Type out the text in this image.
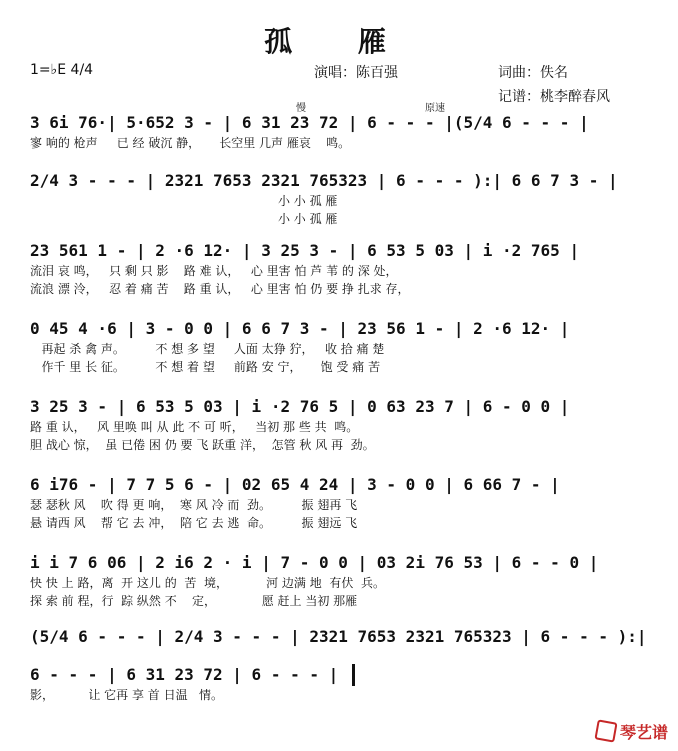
孤 雁
1=♭E 4/4	演唱：陈百强	词曲：佚名
记谱：桃李醉春风
慢	原速
3 6i 76·| 5·652 3 - | 6 31 23 72 | 6 - - - |(5/4 6 - - - |
寥 响的 枪声     已 经 破沉 静，     长空里 几声 雁哀    鸣。
2/4 3 - - - | 2321 7653 2321 765323 | 6 - - - ):| 6 6 7 3 - |
小 小 孤 雁
小 小 孤 雁
23 561 1 - | 2 ·6 12· | 3 25 3 - | 6 53 5 03 | i ·2 765 |
流泪 哀 鸣，   只 剩 只 影    路 难 认，   心 里害 怕 芦 苇 的 深 处，
流浪 漂 泠，   忍 着 痛 苦    路 重 认，   心 里害 怕 仍 要 挣 扎求 存，
0 45 4 ·6 | 3 - 0 0 | 6 6 7 3 - | 23 56 1 - | 2 ·6 12· |
再起 杀 禽 声。        不 想 多 望     人面 太狰 狞，   收 拾 痛 楚
作千 里 长 征。        不 想 着 望     前路 安 宁，     饱 受 痛 苦
3 25 3 - | 6 53 5 03 | i ·2 76 5 | 0 63 23 7 | 6 - 0 0 |
路 重 认，   风 里唤 叫 从 此 不 可 听，   当初 那 些 共  鸣。
胆 战心 惊，  虽 已倦 困 仍 要 飞 跃重 洋，  怎管 秋 风 再  劲。
6 i76 - | 7 7 5 6 - | 02 65 4 24 | 3 - 0 0 | 6 66 7 - |
瑟 瑟秋 风    吹 得 更 响，  寒 风 冷 而  劲。        振 翅再 飞
悬 请西 风    帮 它 去 冲，  陪 它 去 逃  命。        振 翅远 飞
i i 7 6 06 | 2 i6 2 · i | 7 - 0 0 | 03 2i 76 53 | 6 - - 0 |
快 快 上 路，离  开 这儿 的  苦  境，          河 边满 地  有伏  兵。
探 索 前 程，行  踪 纵然 不    定，            愿 赶上 当初 那雁
(5/4 6 - - - | 2/4 3 - - - | 2321 7653 2321 765323 | 6 - - - ):|
6 - - - | 6 31 23 72 | 6 - - - |
影，         让 它再 享 首 日温   情。
琴艺谱
